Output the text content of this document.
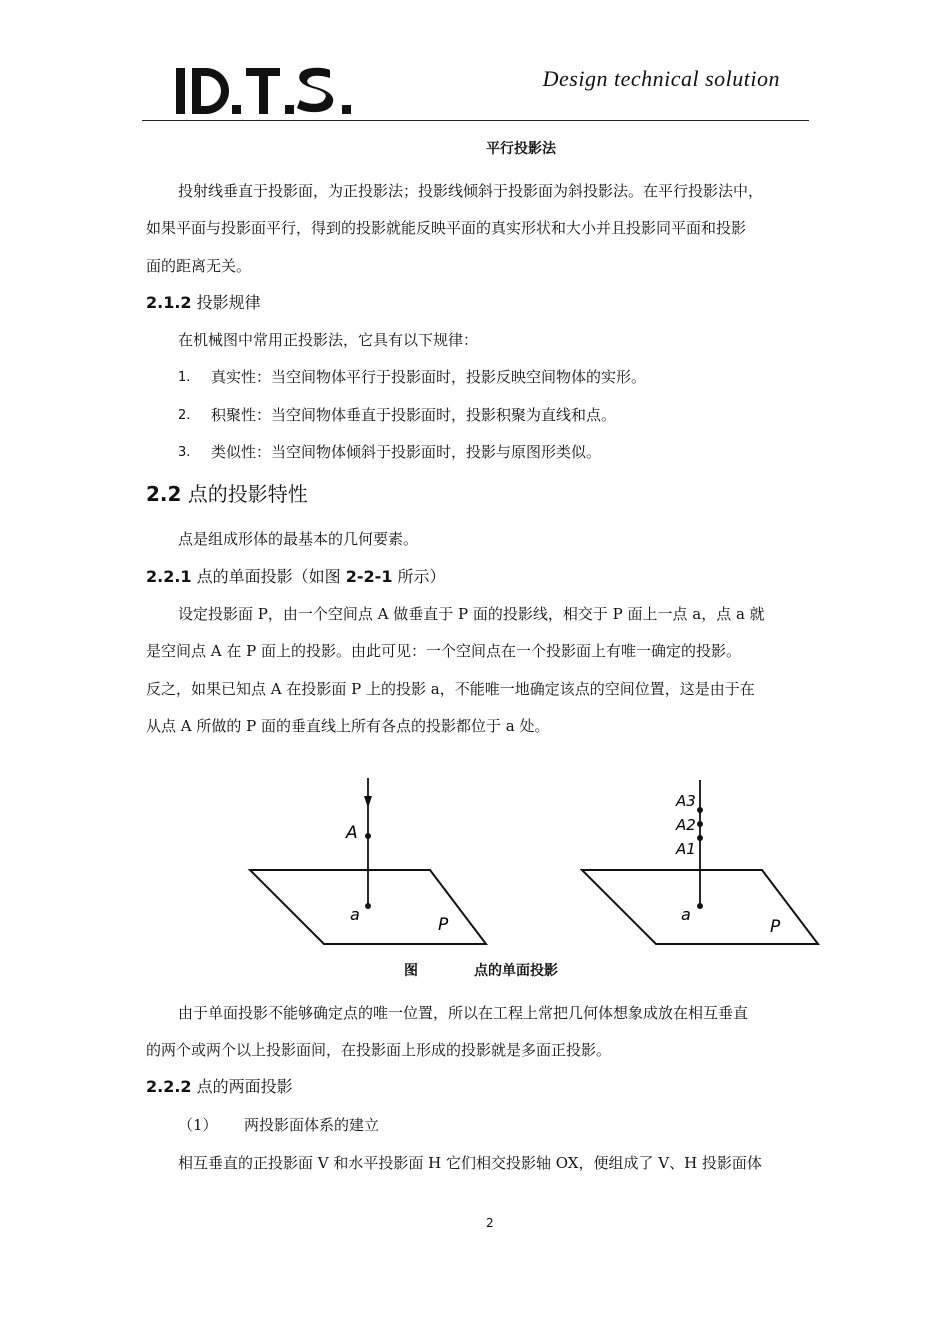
Design technical solution
平行投影法
投射线垂直于投影面，为正投影法；投影线倾斜于投影面为斜投影法。在平行投影法中，
如果平面与投影面平行，得到的投影就能反映平面的真实形状和大小并且投影同平面和投影
面的距离无关。
2.1.2 投影规律
在机械图中常用正投影法，它具有以下规律：
1. 真实性：当空间物体平行于投影面时，投影反映空间物体的实形。
2. 积聚性：当空间物体垂直于投影面时，投影积聚为直线和点。
3. 类似性：当空间物体倾斜于投影面时，投影与原图形类似。
2.2 点的投影特性
点是组成形体的最基本的几何要素。
2.2.1 点的单面投影（如图 2-2-1 所示）
设定投影面 P，由一个空间点 A 做垂直于 P 面的投影线，相交于 P 面上一点 a，点 a 就
是空间点 A 在 P 面上的投影。由此可见：一个空间点在一个投影面上有唯一确定的投影。
反之，如果已知点 A 在投影面 P 上的投影 a，不能唯一地确定该点的空间位置，这是由于在
从点 A 所做的 P 面的垂直线上所有各点的投影都位于 a 处。
A
a
P
A3
A2
A1
a
P
图	点的单面投影
由于单面投影不能够确定点的唯一位置，所以在工程上常把几何体想象成放在相互垂直
的两个或两个以上投影面间，在投影面上形成的投影就是多面正投影。
2.2.2 点的两面投影
（1） 两投影面体系的建立
相互垂直的正投影面 V 和水平投影面 H 它们相交投影轴 OX，便组成了 V、H 投影面体
2
